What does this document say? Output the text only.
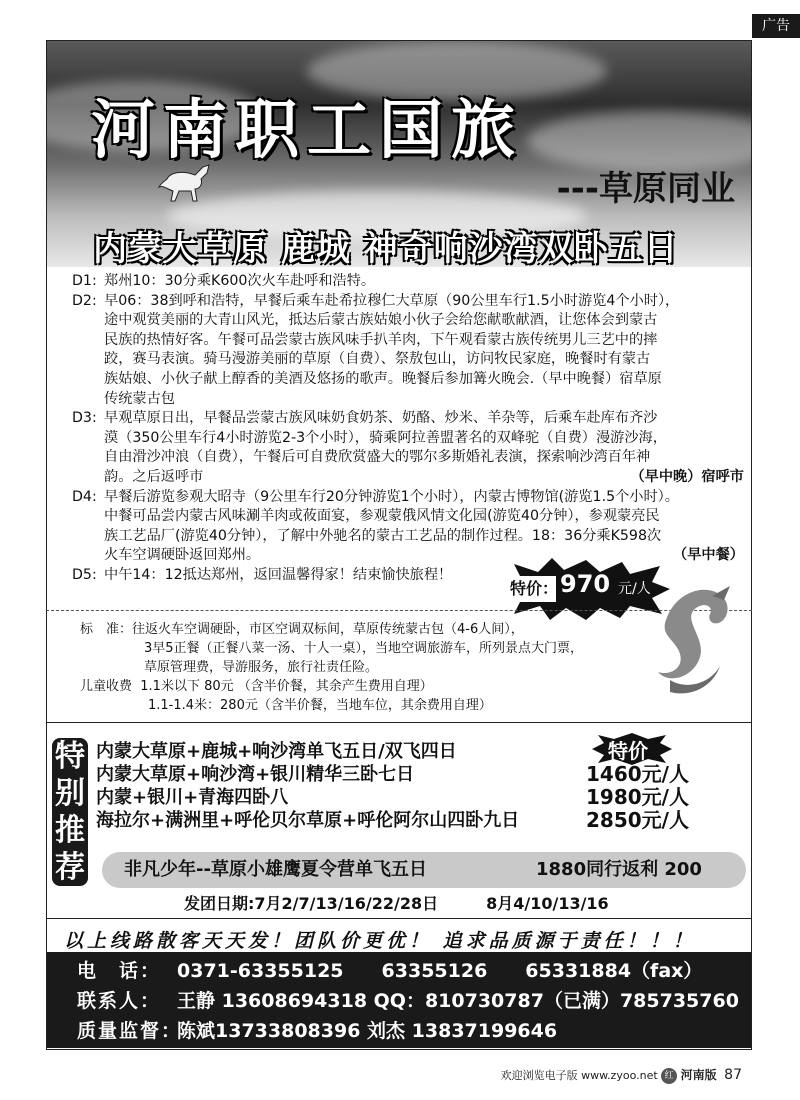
广告
河南职工国旅
---草原同业
内蒙大草原 鹿城 神奇响沙湾双卧五日
D1: 郑州10：30分乘K600次火车赴呼和浩特。
D2: 早06：38到呼和浩特，早餐后乘车赴希拉穆仁大草原（90公里车行1.5小时游览4个小时），
途中观赏美丽的大青山风光，抵达后蒙古族姑娘小伙子会给您献歌献酒，让您体会到蒙古
民族的热情好客。午餐可品尝蒙古族风味手扒羊肉，下午观看蒙古族传统男儿三艺中的摔
跤，赛马表演。骑马漫游美丽的草原（自费）、祭敖包山，访问牧民家庭，晚餐时有蒙古
族姑娘、小伙子献上醇香的美酒及悠扬的歌声。晚餐后参加篝火晚会.（早中晚餐）宿草原
传统蒙古包
D3: 早观草原日出，早餐品尝蒙古族风味奶食奶茶、奶酪、炒米、羊杂等，后乘车赴库布齐沙
漠（350公里车行4小时游览2-3个小时），骑乘阿拉善盟著名的双峰驼（自费）漫游沙海，
自由滑沙冲浪（自费），午餐后可自费欣赏盛大的鄂尔多斯婚礼表演，探索响沙湾百年神
韵。之后返呼市	（早中晚）宿呼市
D4: 早餐后游览参观大昭寺（9公里车行20分钟游览1个小时），内蒙古博物馆(游览1.5个小时）。
中餐可品尝内蒙古风味涮羊肉或莜面宴，参观蒙俄风情文化园(游览40分钟），参观蒙亮民
族工艺品厂(游览40分钟），了解中外驰名的蒙古工艺品的制作过程。18：36分乘K598次
火车空调硬卧返回郑州。	（早中餐）
D5: 中午14：12抵达郑州，返回温馨得家！结束愉快旅程！
特价： 970 元/人
标　准：往返火车空调硬卧，市区空调双标间，草原传统蒙古包（4-6人间），
3早5正餐（正餐八菜一汤、十人一桌），当地空调旅游车，所列景点大门票，
草原管理费，导游服务，旅行社责任险。
儿童收费 1.1米以下 80元 （含半价餐，其余产生费用自理）
1.1-1.4米：280元（含半价餐，当地车位，其余费用自理）
特别推荐
特价
内蒙大草原+鹿城+响沙湾单飞五日/双飞四日
内蒙大草原+响沙湾+银川精华三卧七日	1460元/人
内蒙+银川+青海四卧八	1980元/人
海拉尔+满洲里+呼伦贝尔草原+呼伦阿尔山四卧九日	2850元/人
非凡少年--草原小雄鹰夏令营单飞五日	1880同行返利 200
发团日期:7月2/7/13/16/22/28日	8月4/10/13/16
以上线路散客天天发！团队价更优！ 追求品质源于责任！！！
电　话： 0371-63355125　　63355126　　65331884（fax）
联系人： 王静 13608694318 QQ：810730787（已满）785735760
质量监督：陈斌13733808396 刘杰 13837199646
欢迎浏览电子版 www.zyoo.net 红 河南版 87
